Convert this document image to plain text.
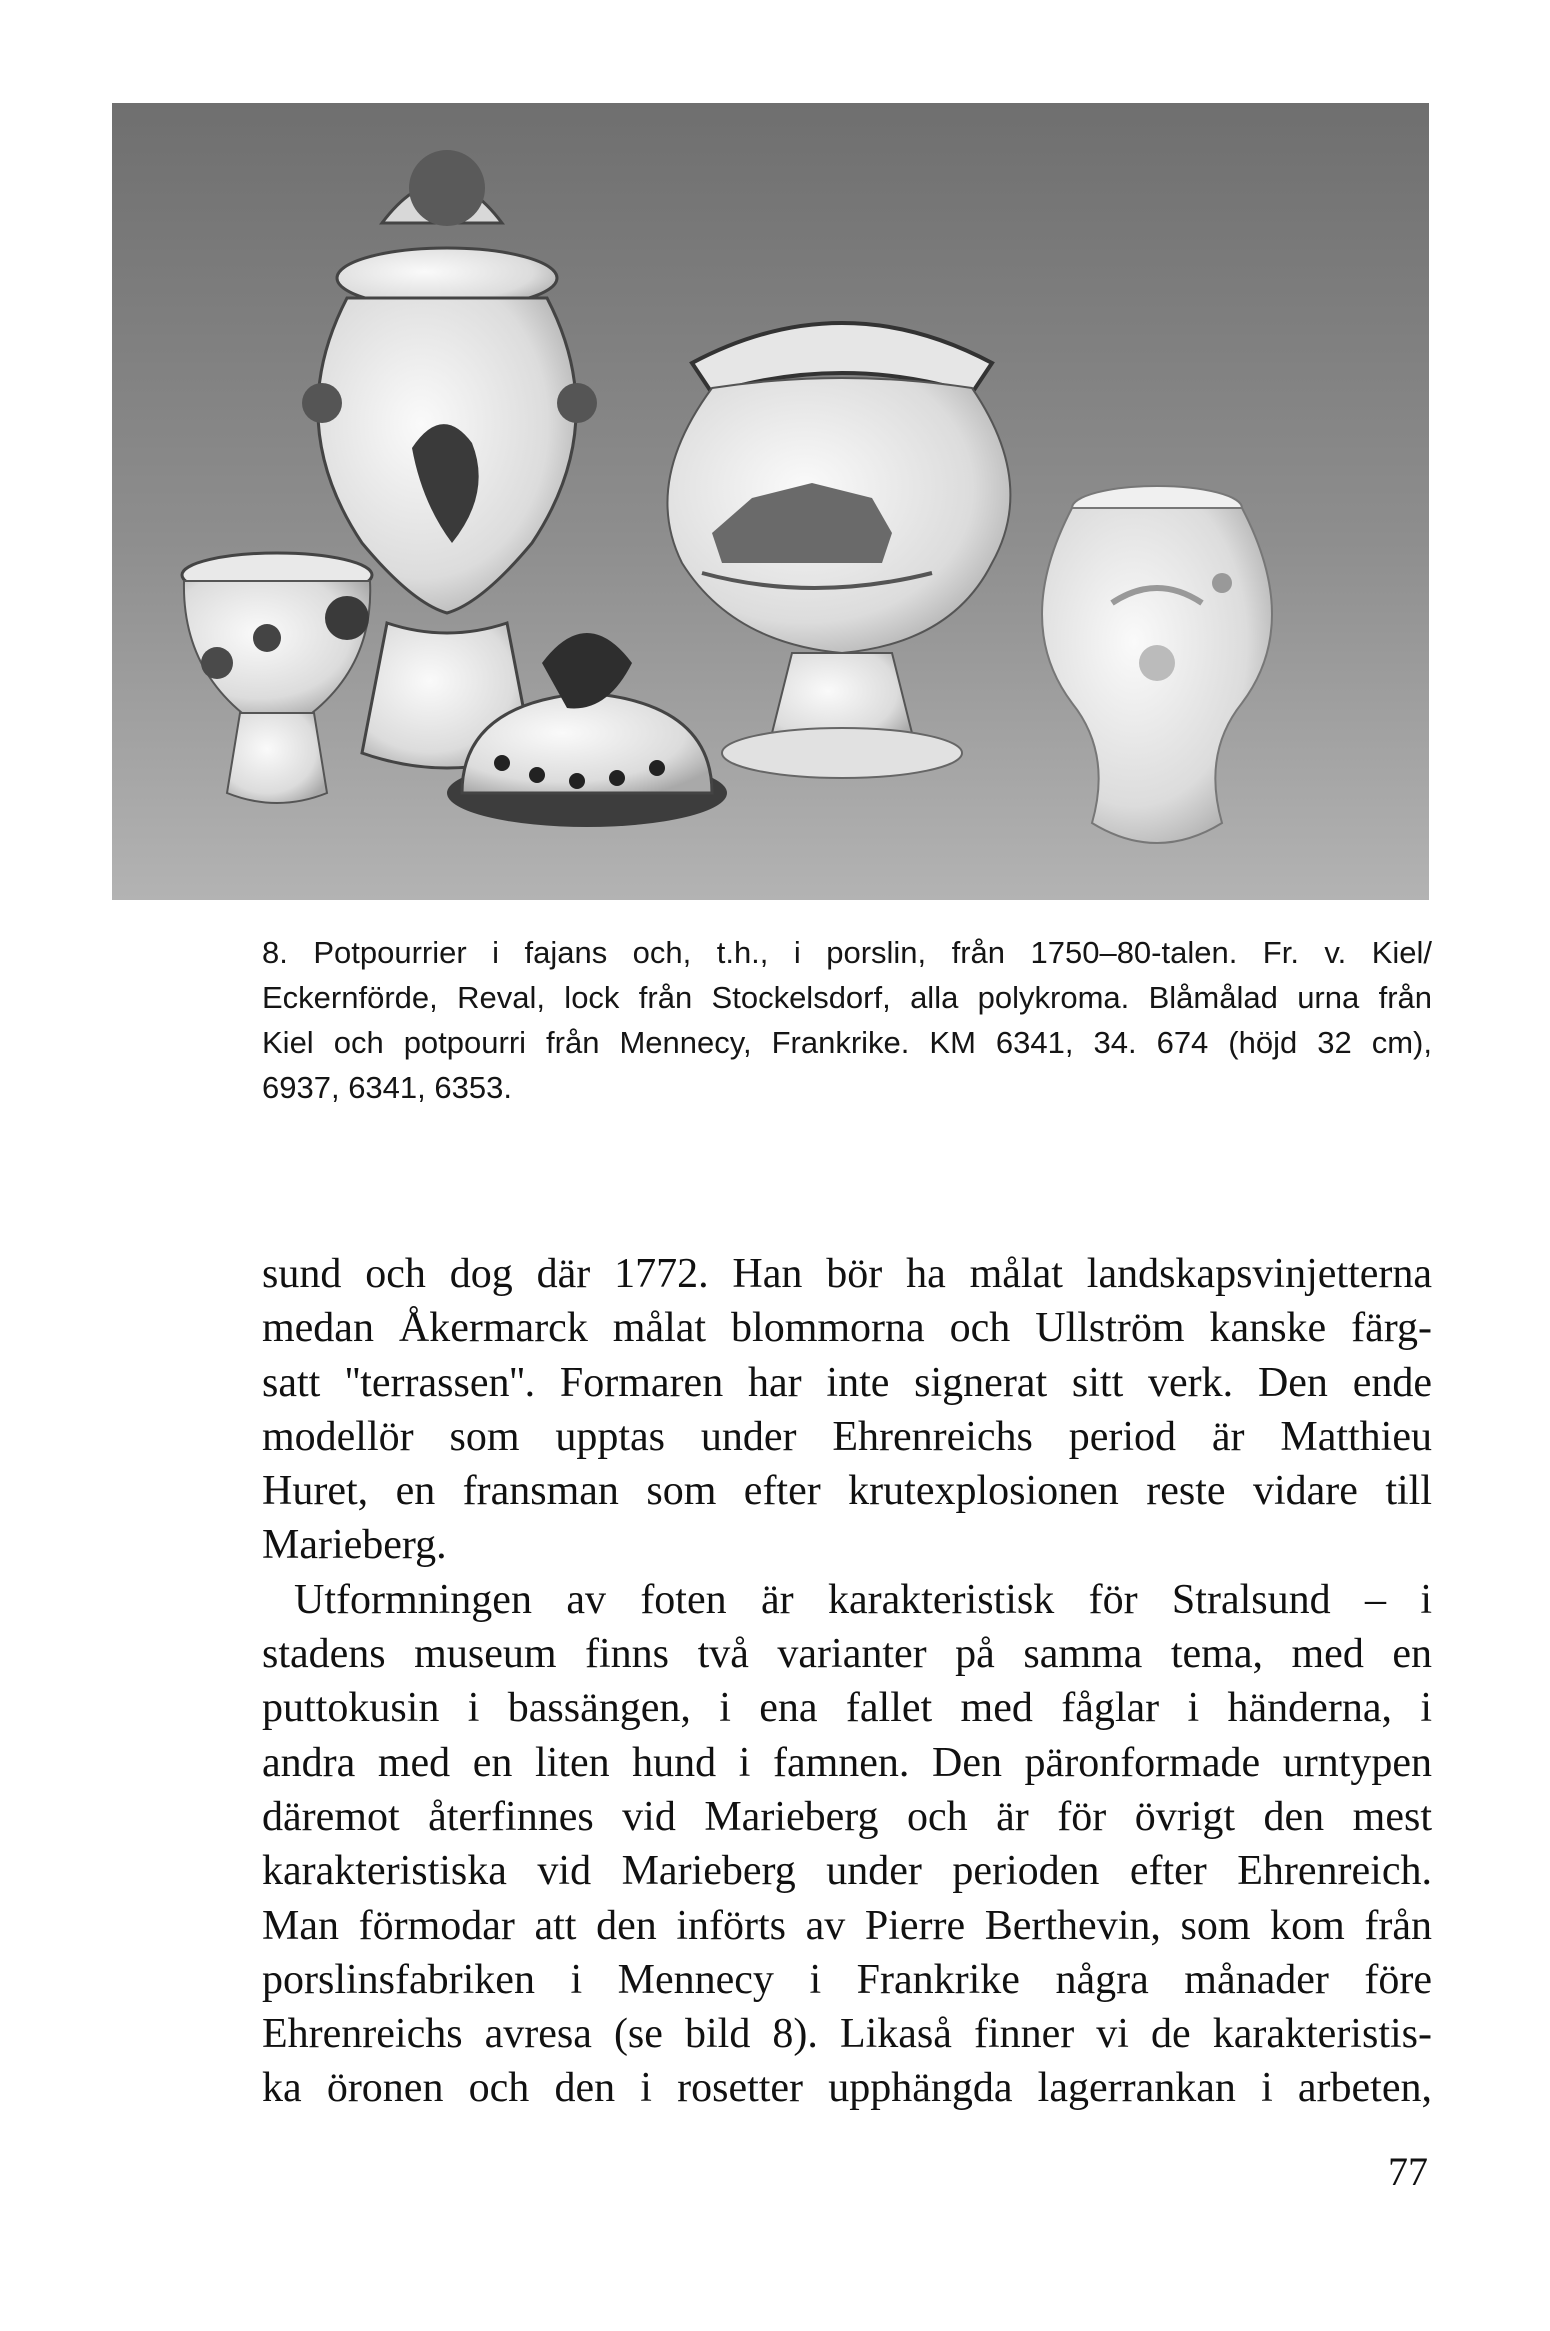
8. Potpourrier i fajans och, t.h., i porslin, från 1750–80-talen. Fr. v. Kiel/
Eckernförde, Reval, lock från Stockelsdorf, alla polykroma. Blåmålad urna från
Kiel och potpourri från Mennecy, Frankrike. KM 6341, 34. 674 (höjd 32 cm),
6937, 6341, 6353.
sund och dog där 1772. Han bör ha målat landskapsvinjetterna
medan Åkermarck målat blommorna och Ullström kanske färg-
satt ''terrassen''. Formaren har inte signerat sitt verk. Den ende
modellör som upptas under Ehrenreichs period är Matthieu
Huret, en fransman som efter krutexplosionen reste vidare till
Marieberg.
Utformningen av foten är karakteristisk för Stralsund – i
stadens museum finns två varianter på samma tema, med en
puttokusin i bassängen, i ena fallet med fåglar i händerna, i
andra med en liten hund i famnen. Den päronformade urntypen
däremot återfinnes vid Marieberg och är för övrigt den mest
karakteristiska vid Marieberg under perioden efter Ehrenreich.
Man förmodar att den införts av Pierre Berthevin, som kom från
porslinsfabriken i Mennecy i Frankrike några månader före
Ehrenreichs avresa (se bild 8). Likaså finner vi de karakteristis-
ka öronen och den i rosetter upphängda lagerrankan i arbeten,
77
